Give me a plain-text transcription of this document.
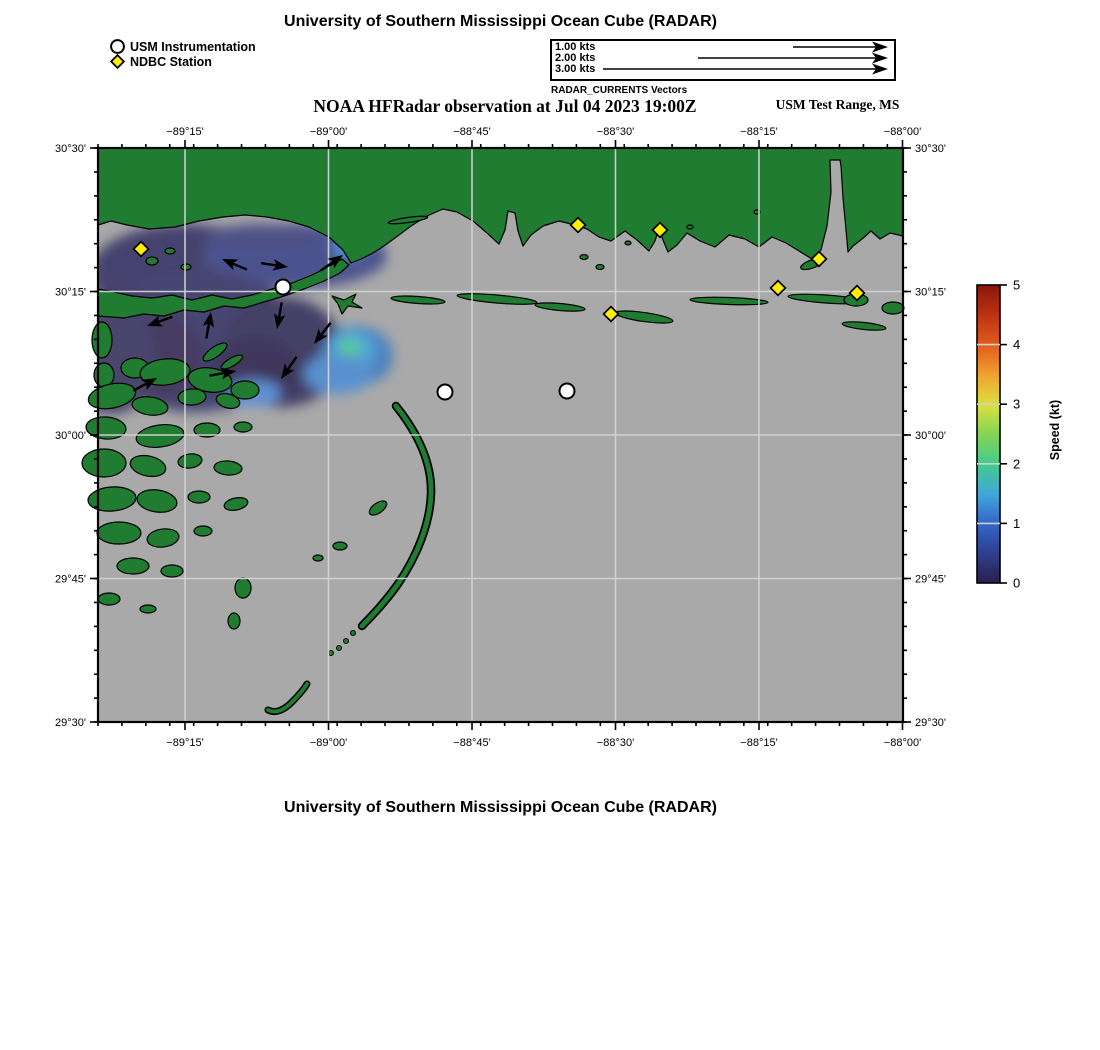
University of Southern Mississippi Ocean Cube (RADAR)
USM Instrumentation
NDBC Station
1.00 kts
2.00 kts
3.00 kts
RADAR_CURRENTS Vectors
NOAA HFRadar observation at Jul 04 2023 19:00Z	USM Test Range, MS
−89°15'
−89°15'
−89°00'
−89°00'
−88°45'
−88°45'
−88°30'
−88°30'
−88°15'
−88°15'
−88°00'
−88°00'
30°30'	30°30'
30°15'	30°15'
30°00'	30°00'
29°45'	29°45'
29°30'	29°30'
0
1
2
3
4
5
Speed (kt)
University of Southern Mississippi Ocean Cube (RADAR)
